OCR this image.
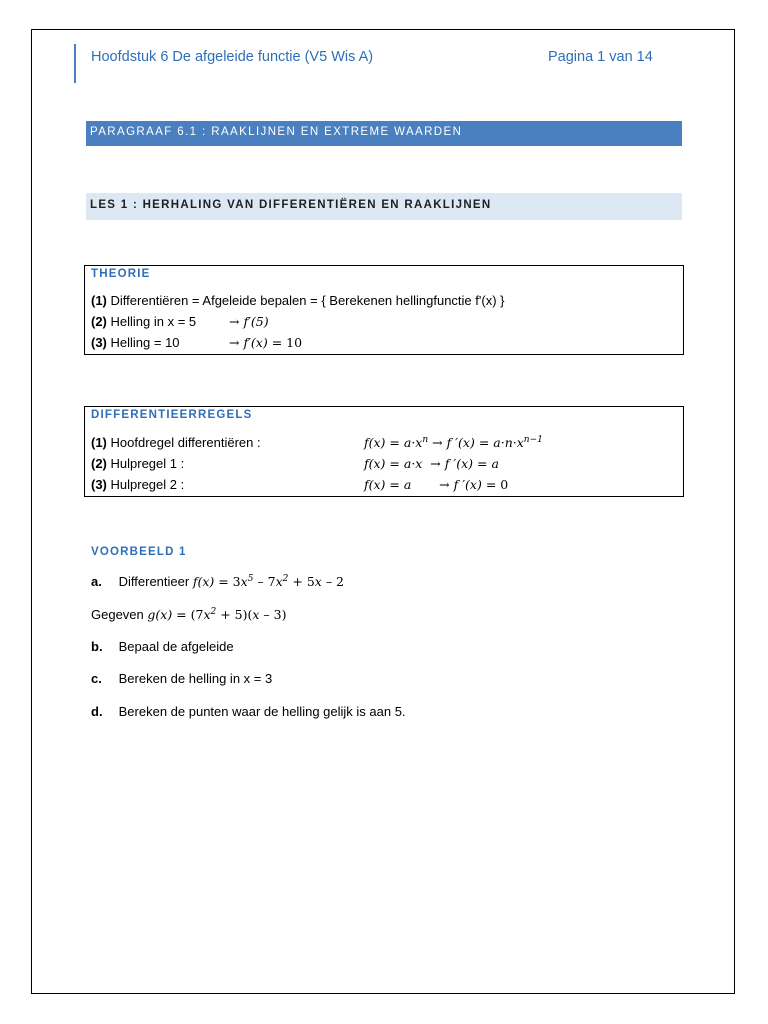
Hoofdstuk 6 De afgeleide functie (V5 Wis A)	Pagina 1 van 14
PARAGRAAF 6.1 : RAAKLIJNEN EN EXTREME WAARDEN
LES 1 : HERHALING VAN DIFFERENTIËREN EN RAAKLIJNEN
THEORIE
(1) Differentiëren = Afgeleide bepalen = { Berekenen hellingfunctie f'(x) }
(2) Helling in x = 5	→ f′(5)
(3) Helling = 10	→ f′(x) = 10
DIFFERENTIEERREGELS
(1) Hoofdregel differentiëren :	$f(x) = a\cdot x^n \to f$ $'(x) = a\cdot n\cdot x^{n-1}$
(2) Hulpregel 1 :	f(x) = a·x  → f ′(x) = a
(3) Hulpregel 2 :	f(x) = a       → f ′(x) = 0
VOORBEELD 1
a. Differentieer $f(x) = 3x^5 - 7x^2 + 5x - 2$
Gegeven $g(x) = (7x^2 + 5)(x - 3)$
b. Bepaal de afgeleide
c. Bereken de helling in x = 3
d. Bereken de punten waar de helling gelijk is aan 5.
